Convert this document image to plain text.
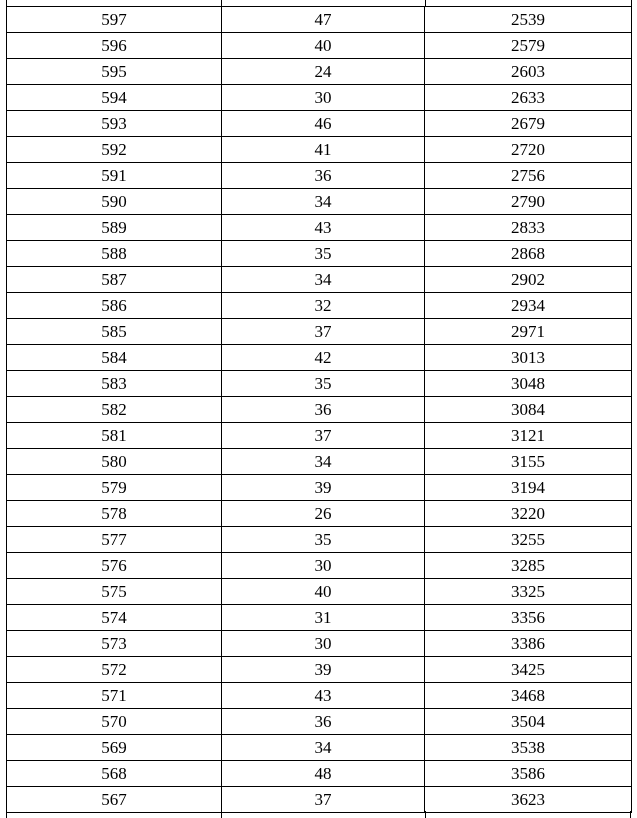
597	47	2539
596	40	2579
595	24	2603
594	30	2633
593	46	2679
592	41	2720
591	36	2756
590	34	2790
589	43	2833
588	35	2868
587	34	2902
586	32	2934
585	37	2971
584	42	3013
583	35	3048
582	36	3084
581	37	3121
580	34	3155
579	39	3194
578	26	3220
577	35	3255
576	30	3285
575	40	3325
574	31	3356
573	30	3386
572	39	3425
571	43	3468
570	36	3504
569	34	3538
568	48	3586
567	37	3623
